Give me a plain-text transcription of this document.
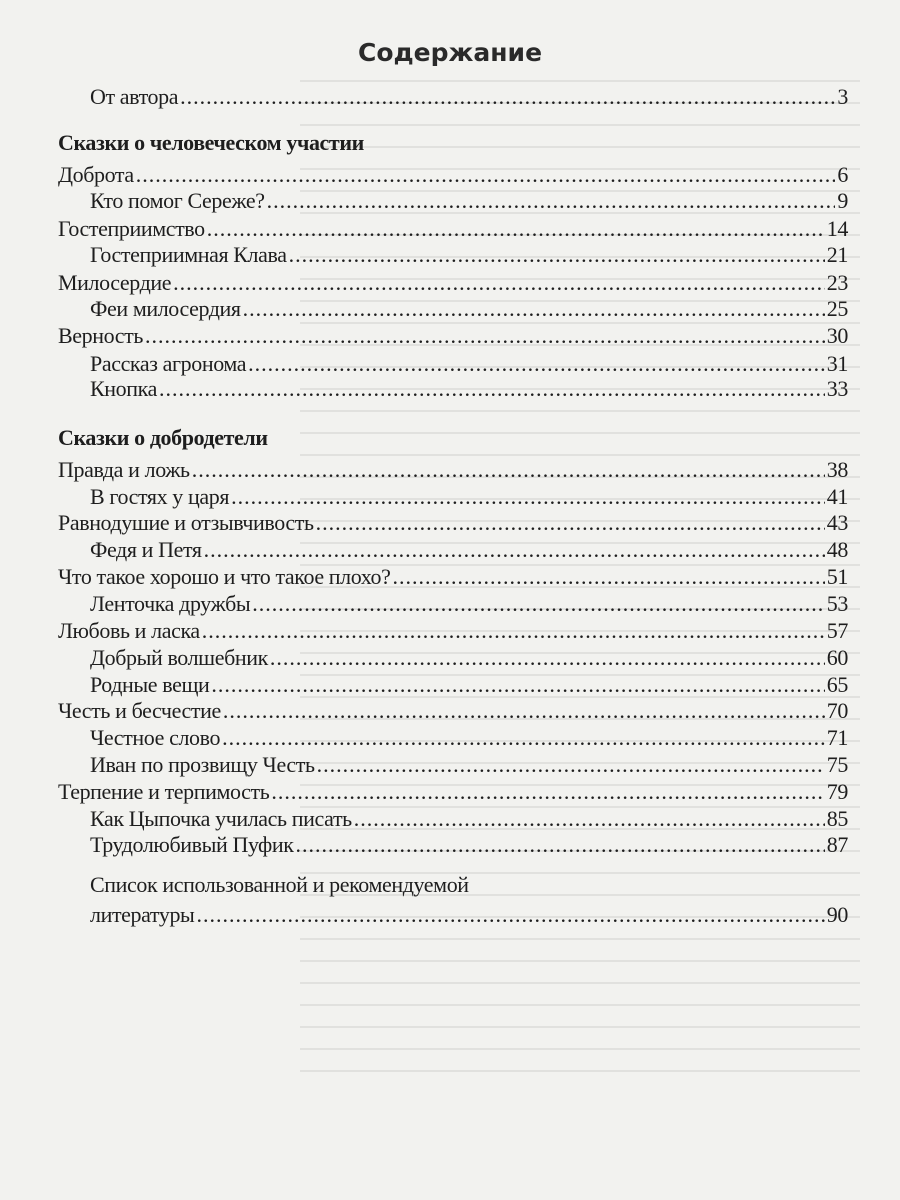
Содержание
От автора .....	3
Сказки о человеческом участии
Доброта .....	6
Кто помог Сереже? .....	9
Гостеприимство .....	14
Гостеприимная Клава .....	21
Милосердие .....	23
Феи милосердия .....	25
Верность .....	30
Рассказ агронома .....	31
Кнопка .....	33
Сказки о добродетели
Правда и ложь .....	38
В гостях у царя .....	41
Равнодушие и отзывчивость .....	43
Федя и Петя .....	48
Что такое хорошо и что такое плохо? .....	51
Ленточка дружбы .....	53
Любовь и ласка .....	57
Добрый волшебник .....	60
Родные вещи .....	65
Честь и бесчестие .....	70
Честное слово .....	71
Иван по прозвищу Честь .....	75
Терпение и терпимость .....	79
Как Цыпочка училась писать .....	85
Трудолюбивый Пуфик .....	87
Список использованной и рекомендуемой
литературы .....	90
